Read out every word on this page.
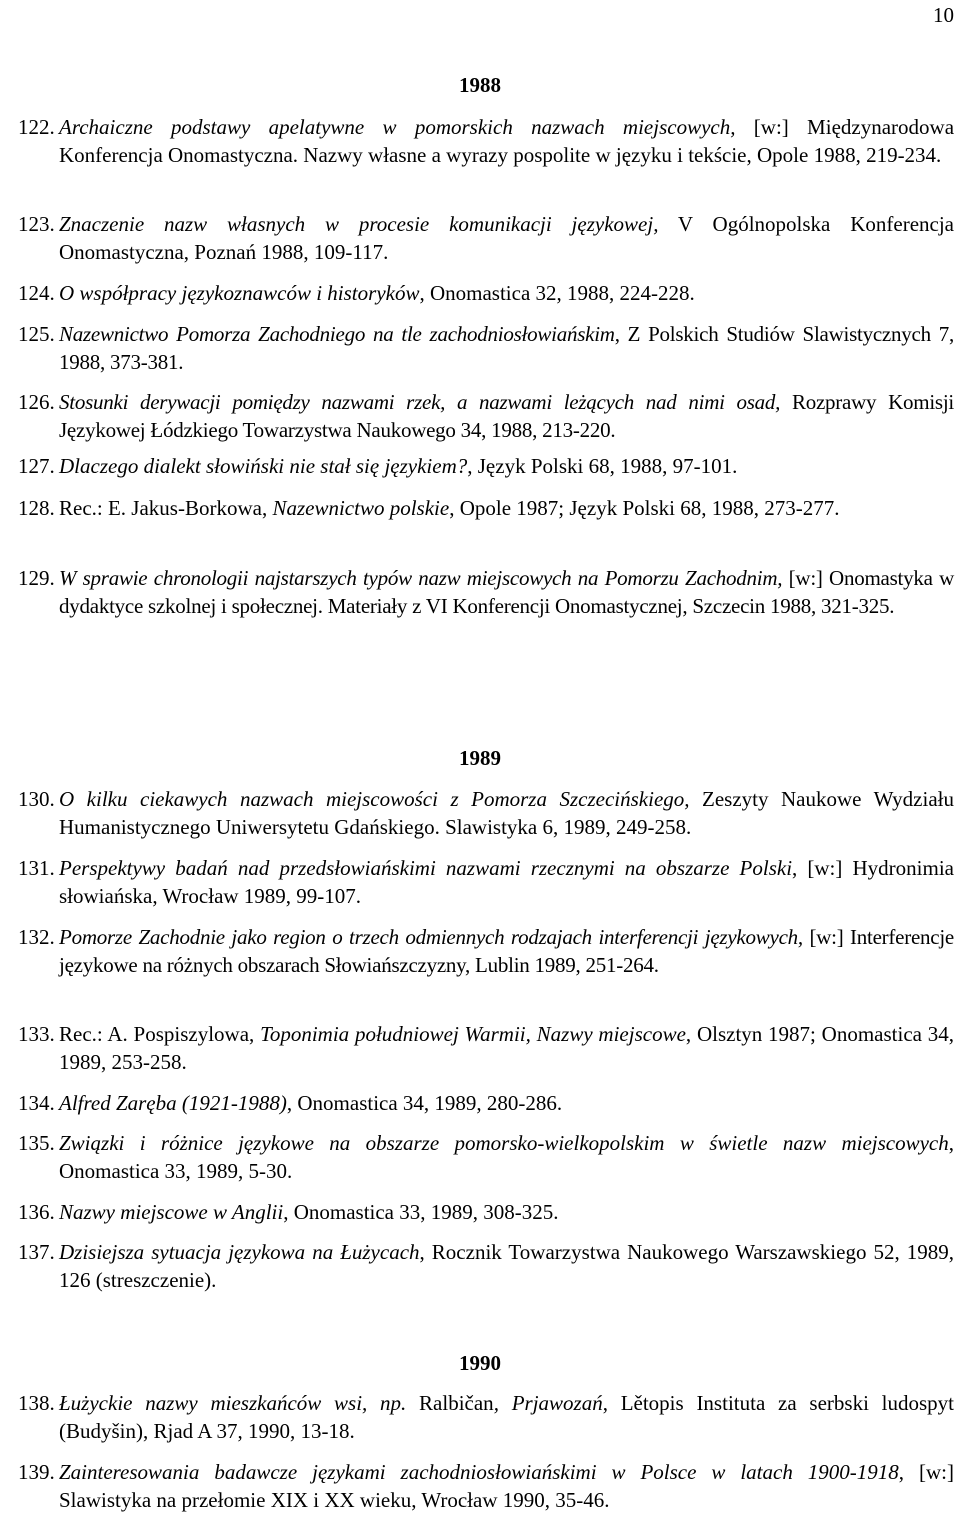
10
1988
122. Archaiczne podstawy apelatywne w pomorskich nazwach miejscowych, [w:] Międzynarodowa Konferencja Onomastyczna. Nazwy własne a wyrazy pospolite w języku i tekście, Opole 1988, 219-234.
123. Znaczenie nazw własnych w procesie komunikacji językowej, V Ogólnopolska Konferencja Onomastyczna, Poznań 1988, 109-117.
124. O współpracy językoznawców i historyków, Onomastica 32, 1988, 224-228.
125. Nazewnictwo Pomorza Zachodniego na tle zachodniosłowiańskim, Z Polskich Studiów Slawistycznych 7, 1988, 373-381.
126. Stosunki derywacji pomiędzy nazwami rzek, a nazwami leżących nad nimi osad, Rozprawy Komisji Językowej Łódzkiego Towarzystwa Naukowego 34, 1988, 213-220.
127. Dlaczego dialekt słowiński nie stał się językiem?, Język Polski 68, 1988, 97-101.
128. Rec.: E. Jakus-Borkowa, Nazewnictwo polskie, Opole 1987; Język Polski 68, 1988, 273-277.
129. W sprawie chronologii najstarszych typów nazw miejscowych na Pomorzu Zachodnim, [w:] Onomastyka w dydaktyce szkolnej i społecznej. Materiały z VI Konferencji Onomastycznej, Szczecin 1988, 321-325.
1989
130. O kilku ciekawych nazwach miejscowości z Pomorza Szczecińskiego, Zeszyty Naukowe Wydziału Humanistycznego Uniwersytetu Gdańskiego. Slawistyka 6, 1989, 249-258.
131. Perspektywy badań nad przedsłowiańskimi nazwami rzecznymi na obszarze Polski, [w:] Hydronimia słowiańska, Wrocław 1989, 99-107.
132. Pomorze Zachodnie jako region o trzech odmiennych rodzajach interferencji językowych, [w:] Interferencje językowe na różnych obszarach Słowiańszczyzny, Lublin 1989, 251-264.
133. Rec.: A. Pospiszylowa, Toponimia południowej Warmii, Nazwy miejscowe, Olsztyn 1987; Onomastica 34, 1989, 253-258.
134. Alfred Zaręba (1921-1988), Onomastica 34, 1989, 280-286.
135. Związki i różnice językowe na obszarze pomorsko-wielkopolskim w świetle nazw miejscowych, Onomastica 33, 1989, 5-30.
136. Nazwy miejscowe w Anglii, Onomastica 33, 1989, 308-325.
137. Dzisiejsza sytuacja językowa na Łużycach, Rocznik Towarzystwa Naukowego Warszawskiego 52, 1989, 126 (streszczenie).
1990
138. Łużyckie nazwy mieszkańców wsi, np. Ralbičan, Prjawozań, Lětopis Instituta za serbski ludospyt (Budyšin), Rjad A 37, 1990, 13-18.
139. Zainteresowania badawcze językami zachodniosłowiańskimi w Polsce w latach 1900-1918, [w:] Slawistyka na przełomie XIX i XX wieku, Wrocław 1990, 35-46.
